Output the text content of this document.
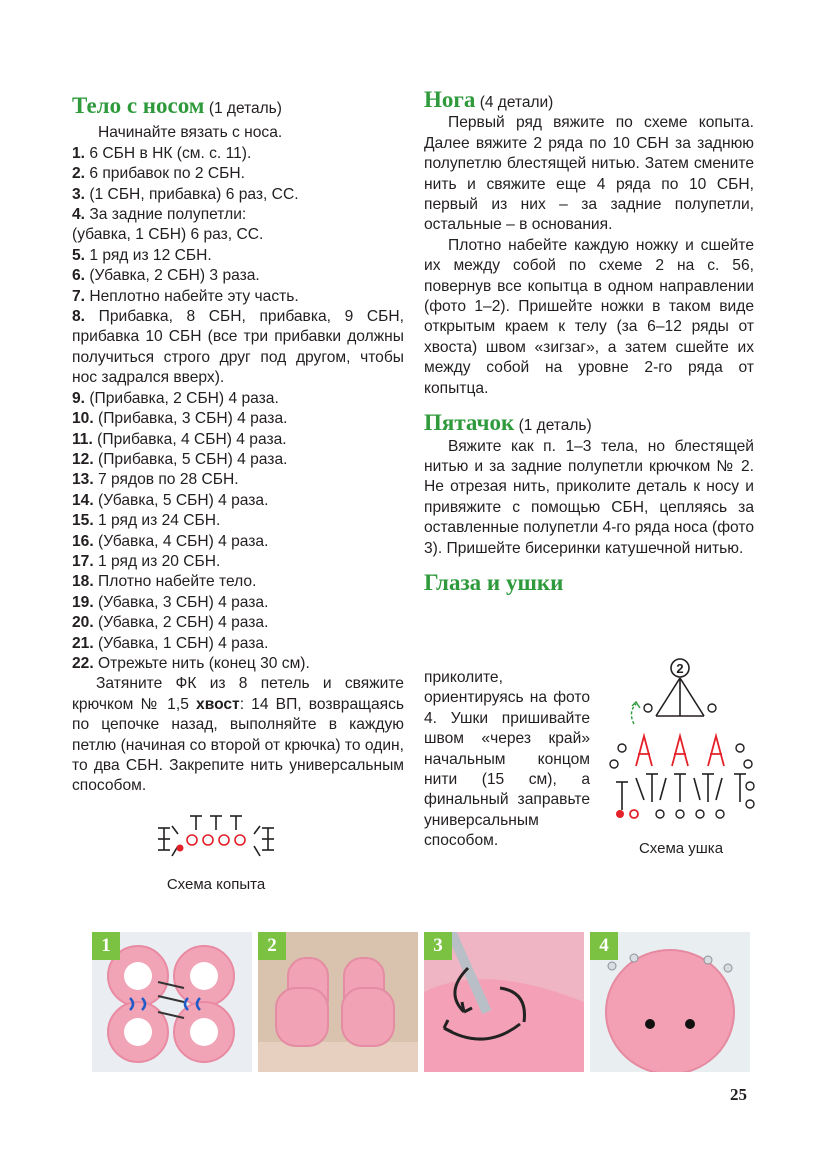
Тело с носом (1 деталь)
Начинайте вязать с носа.
1. 6 СБН в НК (см. с. 11).
2. 6 прибавок по 2 СБН.
3. (1 СБН, прибавка) 6 раз, СС.
4. За задние полупетли:
(убавка, 1 СБН) 6 раз, СС.
5. 1 ряд из 12 СБН.
6. (Убавка, 2 СБН) 3 раза.
7. Неплотно набейте эту часть.
8. Прибавка, 8 СБН, прибавка, 9 СБН, прибавка 10 СБН (все три прибавки должны получиться строго друг под другом, чтобы нос задрался вверх).
9. (Прибавка, 2 СБН) 4 раза.
10. (Прибавка, 3 СБН) 4 раза.
11. (Прибавка, 4 СБН) 4 раза.
12. (Прибавка, 5 СБН) 4 раза.
13. 7 рядов по 28 СБН.
14. (Убавка, 5 СБН) 4 раза.
15. 1 ряд из 24 СБН.
16. (Убавка, 4 СБН) 4 раза.
17. 1 ряд из 20 СБН.
18. Плотно набейте тело.
19. (Убавка, 3 СБН) 4 раза.
20. (Убавка, 2 СБН) 4 раза.
21. (Убавка, 1 СБН) 4 раза.
22. Отрежьте нить (конец 30 см).
Затяните ФК из 8 петель и свяжите крючком № 1,5 хвост: 14 ВП, возвращаясь по цепочке назад, выполняйте в каждую петлю (начиная со второй от крючка) то один, то два СБН. Закрепите нить универсальным способом.
Схема копыта
Нога (4 детали)
Первый ряд вяжите по схеме копыта. Далее вяжите 2 ряда по 10 СБН за заднюю полупетлю блестящей нитью. Затем смените нить и свяжите еще 4 ряда по 10 СБН, первый из них – за задние полупетли, остальные – в основания.
Плотно набейте каждую ножку и сшейте их между собой по схеме 2 на с. 56, повернув все копытца в одном направлении (фото 1–2). Пришейте ножки в таком виде открытым краем к телу (за 6–12 ряды от хвоста) швом «зигзаг», а затем сшейте их между собой на уровне 2-го ряда от копытца.
Пятачок (1 деталь)
Вяжите как п. 1–3 тела, но блестящей нитью и за задние полупетли крючком № 2. Не отрезая нить, приколите деталь к носу и привяжите с помощью СБН, цепляясь за оставленные полупетли 4-го ряда носа (фото 3). Пришейте бисеринки катушечной нитью.
Глаза и ушки
приколите, ориентируясь на фото 4. Ушки пришивайте швом «через край» начальным концом нити (15 см), а финальный заправьте универсальным способом.
2
Схема ушка
1	2	3	4
25
